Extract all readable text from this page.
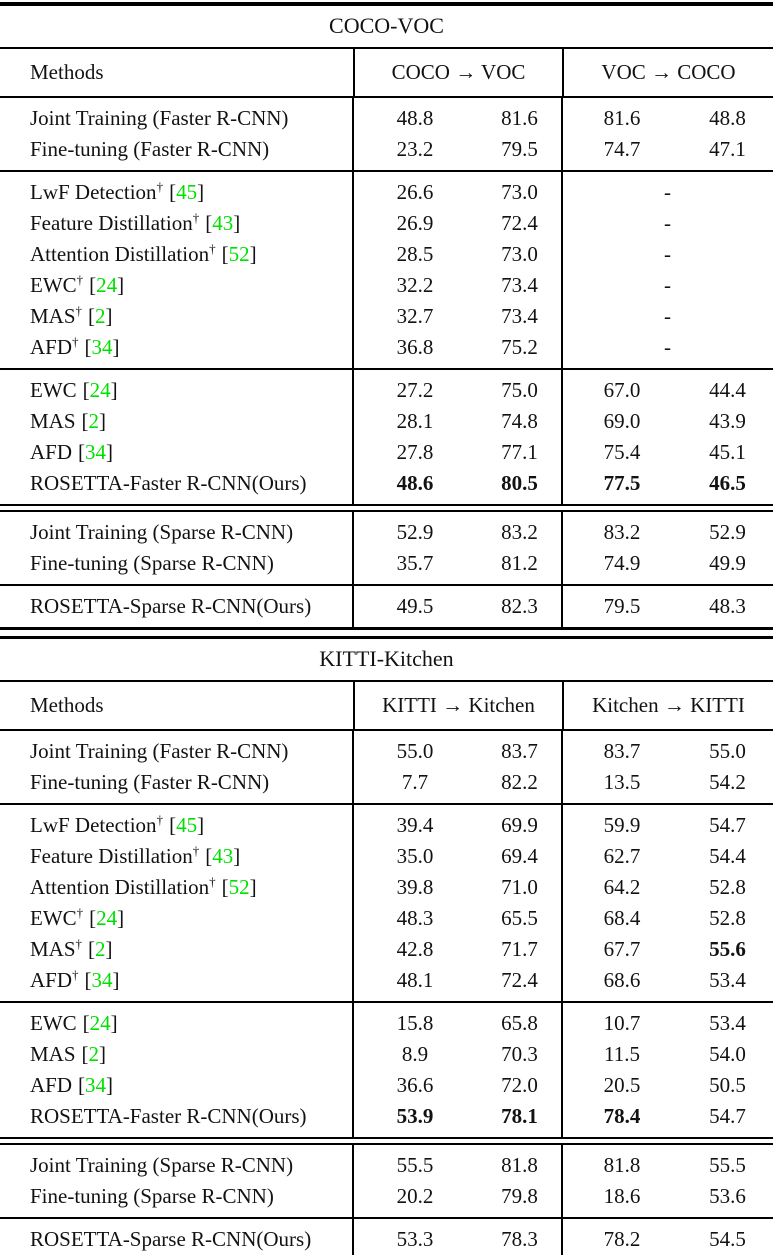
COCO-VOC
Methods	COCO → VOC	VOC → COCO
Joint Training (Faster R-CNN)	48.8	81.6	81.6	48.8
Fine-tuning (Faster R-CNN)	23.2	79.5	74.7	47.1
LwF Detection† [45]	26.6	73.0	-
Feature Distillation† [43]	26.9	72.4	-
Attention Distillation† [52]	28.5	73.0	-
EWC† [24]	32.2	73.4	-
MAS† [2]	32.7	73.4	-
AFD† [34]	36.8	75.2	-
EWC [24]	27.2	75.0	67.0	44.4
MAS [2]	28.1	74.8	69.0	43.9
AFD [34]	27.8	77.1	75.4	45.1
ROSETTA-Faster R-CNN(Ours)	48.6	80.5	77.5	46.5
Joint Training (Sparse R-CNN)	52.9	83.2	83.2	52.9
Fine-tuning (Sparse R-CNN)	35.7	81.2	74.9	49.9
ROSETTA-Sparse R-CNN(Ours)	49.5	82.3	79.5	48.3
KITTI-Kitchen
Methods	KITTI → Kitchen	Kitchen → KITTI
Joint Training (Faster R-CNN)	55.0	83.7	83.7	55.0
Fine-tuning (Faster R-CNN)	7.7	82.2	13.5	54.2
LwF Detection† [45]	39.4	69.9	59.9	54.7
Feature Distillation† [43]	35.0	69.4	62.7	54.4
Attention Distillation† [52]	39.8	71.0	64.2	52.8
EWC† [24]	48.3	65.5	68.4	52.8
MAS† [2]	42.8	71.7	67.7	55.6
AFD† [34]	48.1	72.4	68.6	53.4
EWC [24]	15.8	65.8	10.7	53.4
MAS [2]	8.9	70.3	11.5	54.0
AFD [34]	36.6	72.0	20.5	50.5
ROSETTA-Faster R-CNN(Ours)	53.9	78.1	78.4	54.7
Joint Training (Sparse R-CNN)	55.5	81.8	81.8	55.5
Fine-tuning (Sparse R-CNN)	20.2	79.8	18.6	53.6
ROSETTA-Sparse R-CNN(Ours)	53.3	78.3	78.2	54.5
